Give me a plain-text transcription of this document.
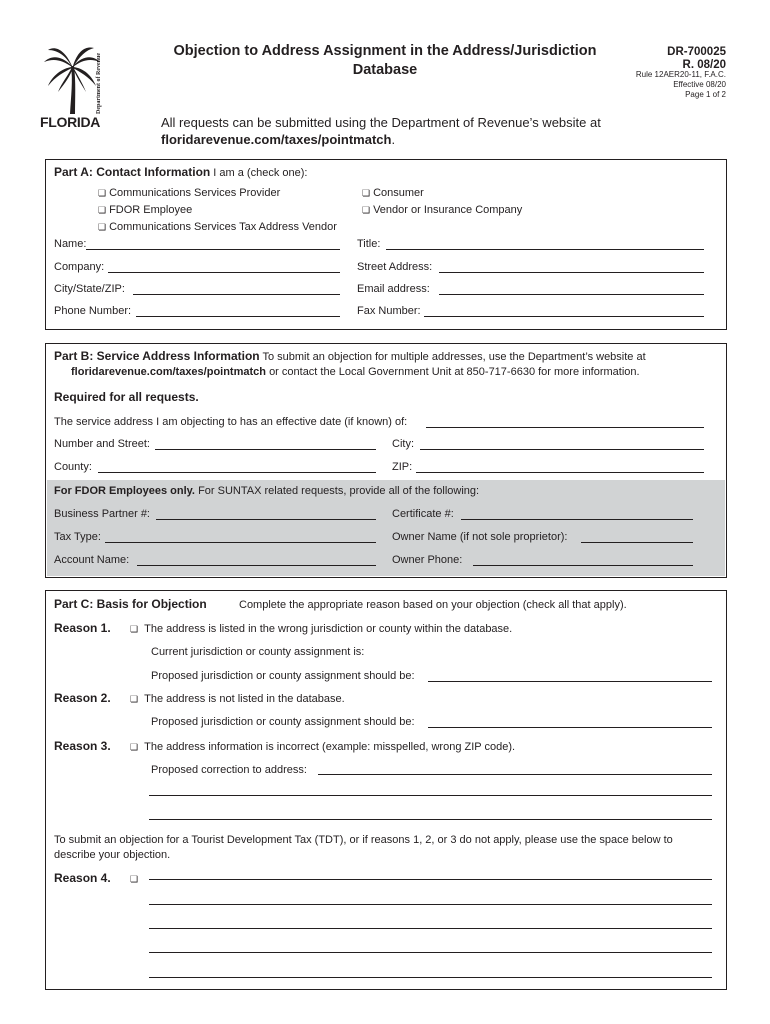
Department of Revenue
FLORIDA
Objection to Address Assignment in the Address/Jurisdiction
Database
DR-700025
R. 08/20
Rule 12AER20-11, F.A.C.
Effective 08/20
Page 1 of 2
All requests can be submitted using the Department of Revenue’s website at
floridarevenue.com/taxes/pointmatch.
Part A: Contact Information I am a (check one):
❏ Communications Services Provider
❏ FDOR Employee
❏ Communications Services Tax Address Vendor
❏ Consumer
❏ Vendor or Insurance Company
Name:	Title:
Company:	Street Address:
City/State/ZIP:	Email address:
Phone Number:	Fax Number:
Part B: Service Address Information To submit an objection for multiple addresses, use the Department’s website at
floridarevenue.com/taxes/pointmatch or contact the Local Government Unit at 850-717-6630 for more information.
Required for all requests.
The service address I am objecting to has an effective date (if known) of:
Number and Street:	City:
County:	ZIP:
For FDOR Employees only. For SUNTAX related requests, provide all of the following:
Business Partner #:	Certificate #:
Tax Type:	Owner Name (if not sole proprietor):
Account Name:	Owner Phone:
Part C: Basis for Objection	Complete the appropriate reason based on your objection (check all that apply).
Reason 1. ❏ The address is listed in the wrong jurisdiction or county within the database.
Current jurisdiction or county assignment is:
Proposed jurisdiction or county assignment should be:
Reason 2. ❏ The address is not listed in the database.
Proposed jurisdiction or county assignment should be:
Reason 3. ❏ The address information is incorrect (example: misspelled, wrong ZIP code).
Proposed correction to address:
To submit an objection for a Tourist Development Tax (TDT), or if reasons 1, 2, or 3 do not apply, please use the space below to
describe your objection.
Reason 4. ❏
